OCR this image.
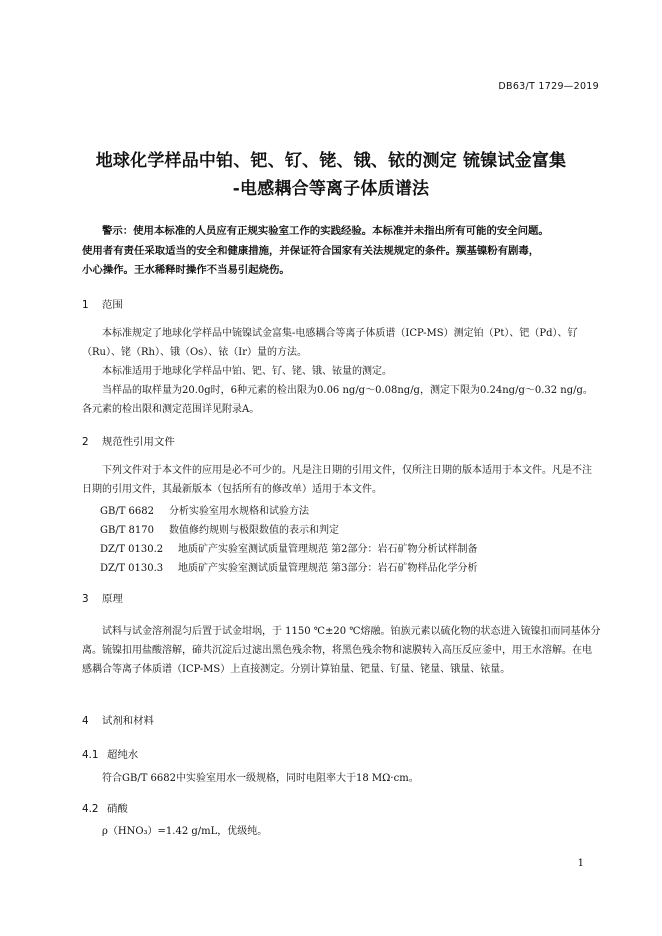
DB63/T 1729—2019
地球化学样品中铂、钯、钌、铑、锇、铱的测定 锍镍试金富集
-电感耦合等离子体质谱法
警示：使用本标准的人员应有正规实验室工作的实践经验。本标准并未指出所有可能的安全问题。
使用者有责任采取适当的安全和健康措施，并保证符合国家有关法规规定的条件。羰基镍粉有剧毒，
小心操作。王水稀释时操作不当易引起烧伤。
1 范围

本标准规定了地球化学样品中锍镍试金富集-电感耦合等离子体质谱（ICP-MS）测定铂（Pt）、钯（Pd）、钌（Ru）、铑（Rh）、锇（Os）、铱（Ir）量的方法。

本标准适用于地球化学样品中铂、钯、钌、铑、锇、铱量的测定。

当样品的取样量为20.0g时，6种元素的检出限为0.06 ng/g～0.08ng/g，测定下限为0.24ng/g～0.32 ng/g。各元素的检出限和测定范围详见附录A。

2 规范性引用文件

下列文件对于本文件的应用是必不可少的。凡是注日期的引用文件，仅所注日期的版本适用于本文件。凡是不注日期的引用文件，其最新版本（包括所有的修改单）适用于本文件。

GB/T 6682 分析实验室用水规格和试验方法
GB/T 8170 数值修约规则与极限数值的表示和判定
DZ/T 0130.2 地质矿产实验室测试质量管理规范 第2部分：岩石矿物分析试样制备
DZ/T 0130.3 地质矿产实验室测试质量管理规范 第3部分：岩石矿物样品化学分析
3 原理

试料与试金溶剂混匀后置于试金坩埚，于 1150 ℃±20 ℃熔融。铂族元素以硫化物的状态进入锍镍扣而同基体分离。锍镍扣用盐酸溶解，碲共沉淀后过滤出黑色残余物，将黑色残余物和滤膜转入高压反应釜中，用王水溶解。在电感耦合等离子体质谱（ICP-MS）上直接测定。分别计算铂量、钯量、钌量、铑量、锇量、铱量。

4 试剂和材料
4.1 超纯水

符合GB/T 6682中实验室用水一级规格，同时电阻率大于18 MΩ·cm。

4.2 硝酸

ρ（HNO₃）=1.42 g/mL，优级纯。

1
